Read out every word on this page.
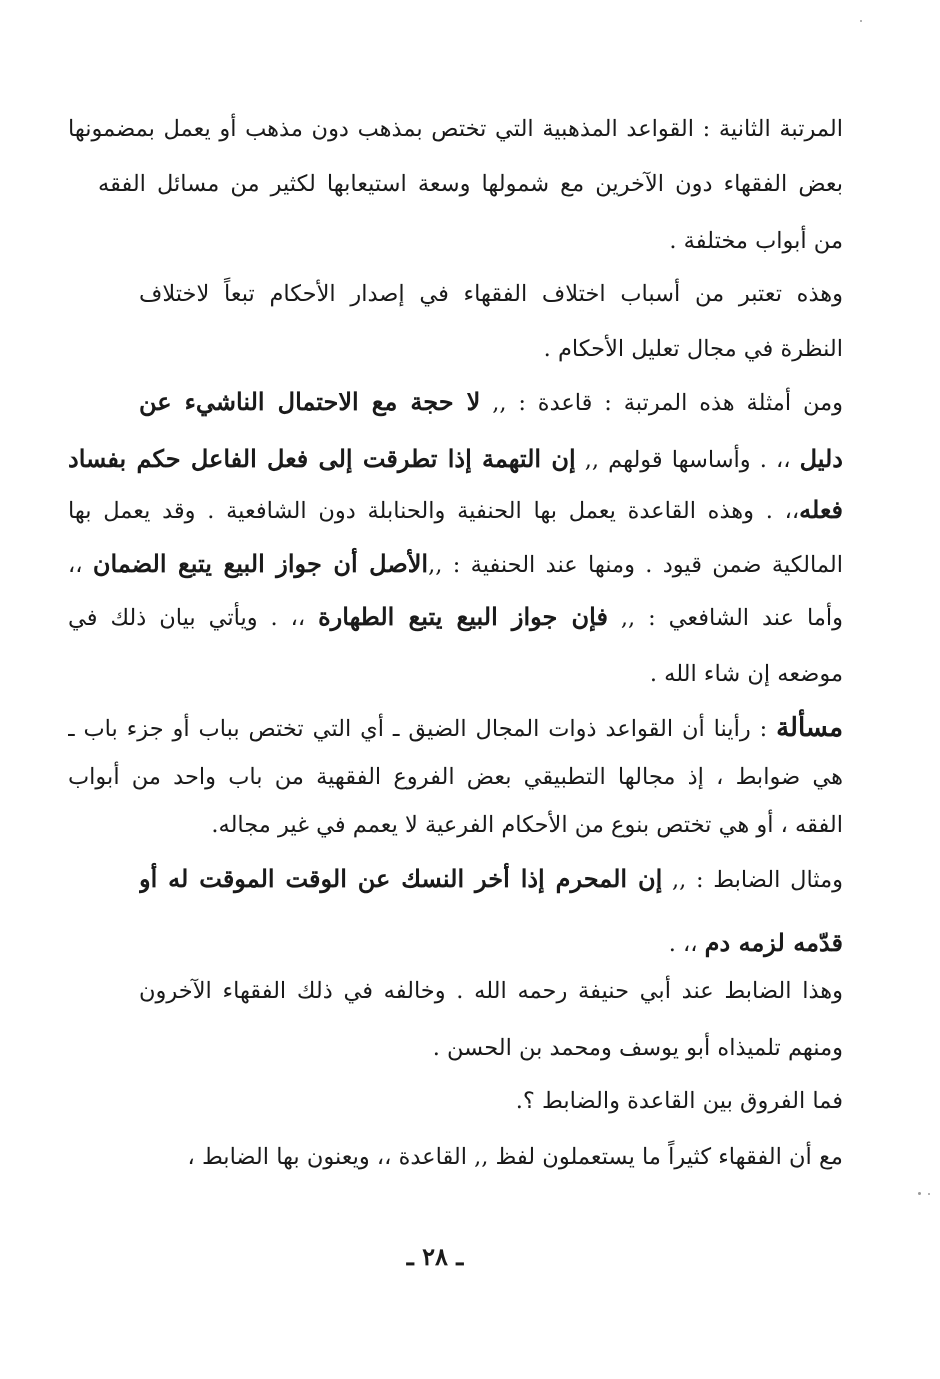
المرتبة الثانية : القواعد المذهبية التي تختص بمذهب دون مذهب أو يعمل بمضمونها
بعض الفقهاء دون الآخرين مع شمولها وسعة استيعابها لكثير من مسائل الفقه
من أبواب مختلفة .
وهذه تعتبر من أسباب اختلاف الفقهاء في إصدار الأحكام تبعاً لاختلاف
النظرة في مجال تعليل الأحكام .
ومن أمثلة هذه المرتبة : قاعدة : ,, لا حجة مع الاحتمال الناشيء عن
دليل ،، . وأساسها قولهم ,, إن التهمة إذا تطرقت إلى فعل الفاعل حكم بفساد
فعله،، . وهذه القاعدة يعمل بها الحنفية والحنابلة دون الشافعية . وقد يعمل بها
المالكية ضمن قيود . ومنها عند الحنفية : ,,الأصل أن جواز البيع يتبع الضمان ،،
وأما عند الشافعي : ,, فإن جواز البيع يتبع الطهارة ،، . ويأتي بيان ذلك في
موضعه إن شاء الله .
مسألة : رأينا أن القواعد ذوات المجال الضيق ـ أي التي تختص بباب أو جزء باب ـ
هي ضوابط ، إذ مجالها التطبيقي بعض الفروع الفقهية من باب واحد من أبواب
الفقه ، أو هي تختص بنوع من الأحكام الفرعية لا يعمم في غير مجاله.
ومثال الضابط : ,, إن المحرم إذا أخر النسك عن الوقت الموقت له أو
قدّمه لزمه دم ،، .
وهذا الضابط عند أبي حنيفة رحمه الله . وخالفه في ذلك الفقهاء الآخرون
ومنهم تلميذاه أبو يوسف ومحمد بن الحسن .
فما الفروق بين القاعدة والضابط ؟.
مع أن الفقهاء كثيراً ما يستعملون لفظ ,, القاعدة ،، ويعنون بها الضابط ،
ـ ٢٨ ـ
